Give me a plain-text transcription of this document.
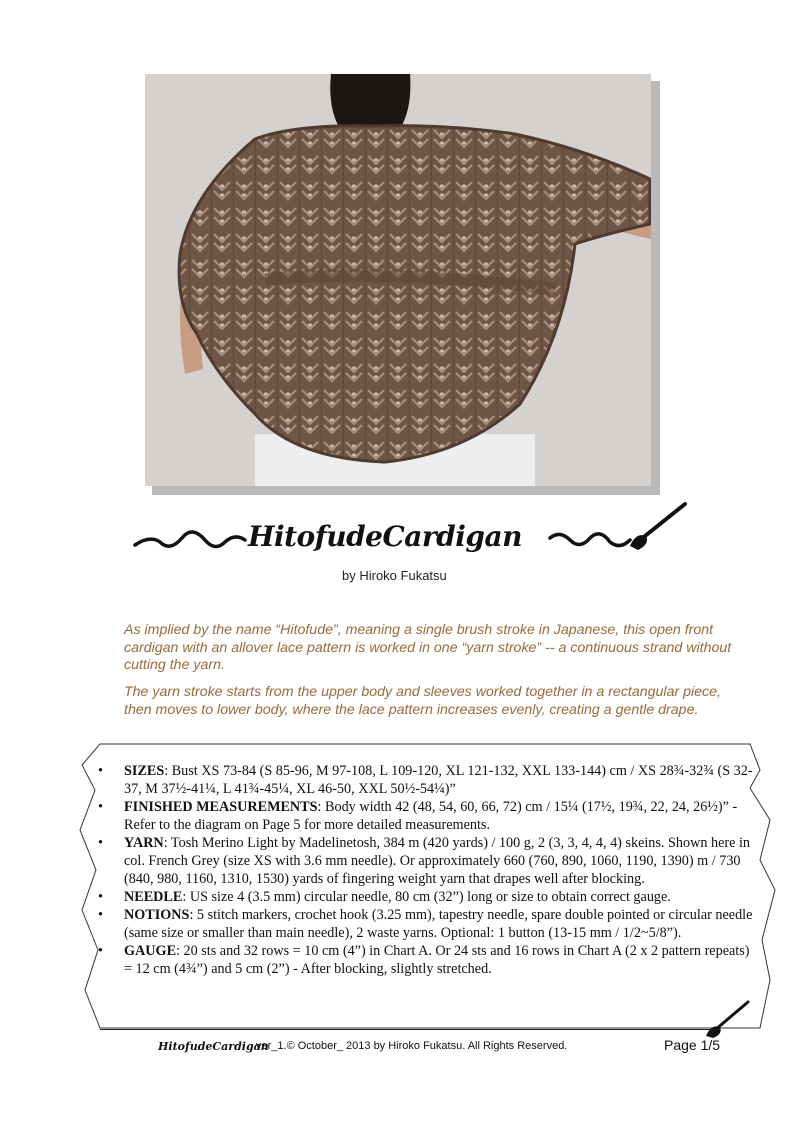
HitofudeCardigan
by Hiroko Fukatsu

As implied by the name “Hitofude”, meaning a single brush stroke in Japanese, this open front cardigan with an allover lace pattern is worked in one “yarn stroke” -- a continuous strand without cutting the yarn.

The yarn stroke starts from the upper body and sleeves worked together in a rectangular piece, then moves to lower body, where the lace pattern increases evenly, creating a gentle drape.

• SIZES: Bust XS 73-84 (S 85-96, M 97-108, L 109-120, XL 121-132, XXL 133-144) cm / XS 28¾-32¾ (S 32-37, M 37½-41¼, L 41¾-45¼, XL 46-50, XXL 50½-54¼)”
• FINISHED MEASUREMENTS: Body width 42 (48, 54, 60, 66, 72) cm / 15¼ (17½, 19¾, 22, 24, 26½)” - Refer to the diagram on Page 5 for more detailed measurements.
• YARN: Tosh Merino Light by Madelinetosh, 384 m (420 yards) / 100 g, 2 (3, 3, 4, 4, 4) skeins. Shown here in col. French Grey (size XS with 3.6 mm needle). Or approximately 660 (760, 890, 1060, 1190, 1390) m / 730 (840, 980, 1160, 1310, 1530) yards of fingering weight yarn that drapes well after blocking.
• NEEDLE: US size 4 (3.5 mm) circular needle, 80 cm (32”) long or size to obtain correct gauge.
• NOTIONS: 5 stitch markers, crochet hook (3.25 mm), tapestry needle, spare double pointed or circular needle (same size or smaller than main needle), 2 waste yarns. Optional: 1 button (13-15 mm / 1/2~5/8”).
• GAUGE: 20 sts and 32 rows = 10 cm (4”) in Chart A. Or 24 sts and 16 rows in Chart A (2 x 2 pattern repeats) = 12 cm (4¾”) and 5 cm (2”) - After blocking, slightly stretched.
HitofudeCardigan
ver_1.© October_ 2013 by Hiroko Fukatsu. All Rights Reserved.	Page 1/5
